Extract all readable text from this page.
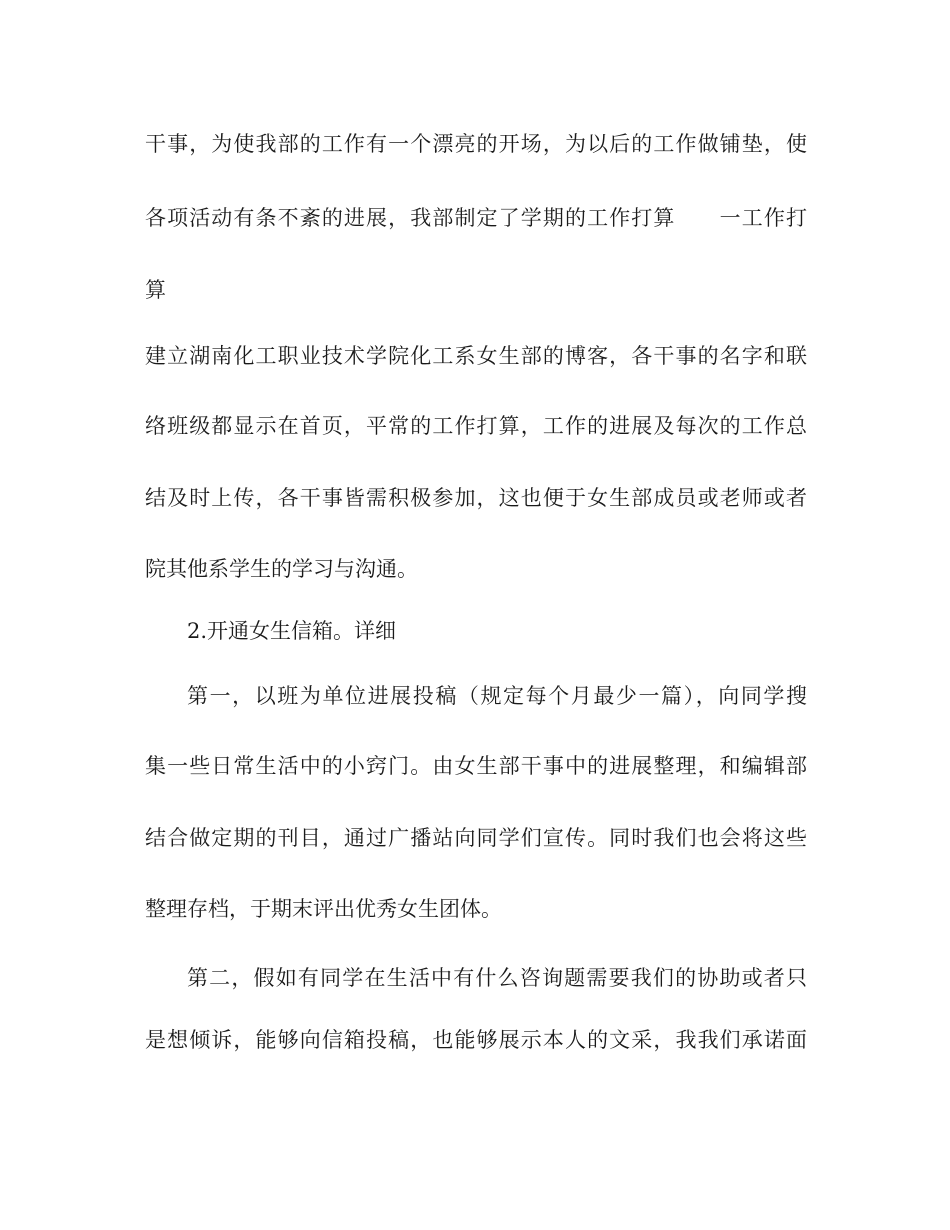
干事，为使我部的工作有一个漂亮的开场，为以后的工作做铺垫，使
各项活动有条不紊的进展，我部制定了学期的工作打算　　一工作打
算
建立湖南化工职业技术学院化工系女生部的博客，各干事的名字和联
络班级都显示在首页，平常的工作打算，工作的进展及每次的工作总
结及时上传，各干事皆需积极参加，这也便于女生部成员或老师或者
院其他系学生的学习与沟通。
2.开通女生信箱。详细
第一，以班为单位进展投稿（规定每个月最少一篇），向同学搜
集一些日常生活中的小窍门。由女生部干事中的进展整理，和编辑部
结合做定期的刊目，通过广播站向同学们宣传。同时我们也会将这些
整理存档，于期末评出优秀女生团体。
第二，假如有同学在生活中有什么咨询题需要我们的协助或者只
是想倾诉，能够向信箱投稿，也能够展示本人的文采，我我们承诺面
